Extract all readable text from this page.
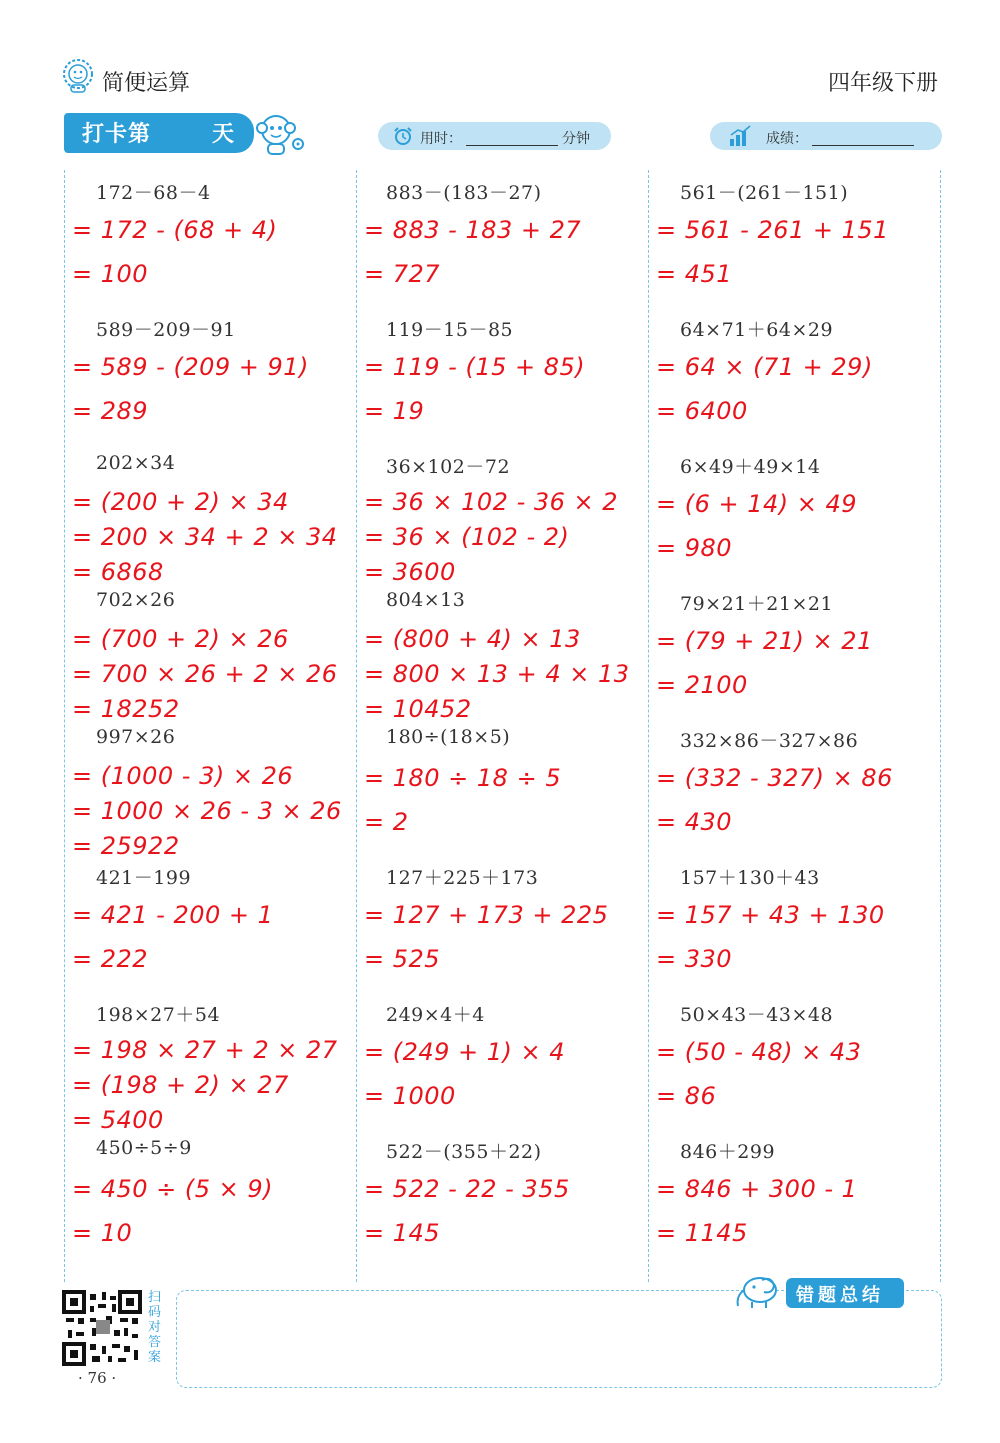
简便运算	四年级下册
打卡第	天	用时：	分钟	成绩：
172－68－4
= 172 - (68 + 4)
= 100
589－209－91
= 589 - (209 + 91)
= 289
202×34
= (200 + 2) × 34
= 200 × 34 + 2 × 34
= 6868
702×26
= (700 + 2) × 26
= 700 × 26 + 2 × 26
= 18252
997×26
= (1000 - 3) × 26
= 1000 × 26 - 3 × 26
= 25922
421－199
= 421 - 200 + 1
= 222
198×27＋54
= 198 × 27 + 2 × 27
= (198 + 2) × 27
= 5400
450÷5÷9
= 450 ÷ (5 × 9)
= 10
883－(183－27)
= 883 - 183 + 27
= 727
119－15－85
= 119 - (15 + 85)
= 19
36×102－72
= 36 × 102 - 36 × 2
= 36 × (102 - 2)
= 3600
804×13
= (800 + 4) × 13
= 800 × 13 + 4 × 13
= 10452
180÷(18×5)
= 180 ÷ 18 ÷ 5
= 2
127＋225＋173
= 127 + 173 + 225
= 525
249×4＋4
= (249 + 1) × 4
= 1000
522－(355＋22)
= 522 - 22 - 355
= 145
561－(261－151)
= 561 - 261 + 151
= 451
64×71＋64×29
= 64 × (71 + 29)
= 6400
6×49＋49×14
= (6 + 14) × 49
= 980
79×21＋21×21
= (79 + 21) × 21
= 2100
332×86－327×86
= (332 - 327) × 86
= 430
157＋130＋43
= 157 + 43 + 130
= 330
50×43－43×48
= (50 - 48) × 43
= 86
846＋299
= 846 + 300 - 1
= 1145
错题总结
扫码对答案
· 76 ·
